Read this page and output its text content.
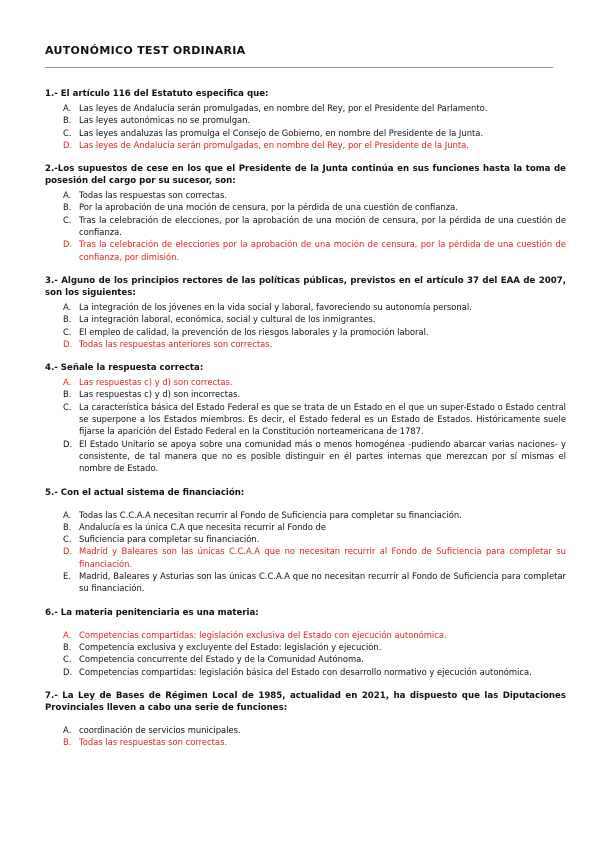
AUTONÓMICO TEST ORDINARIA
1.- El artículo 116 del Estatuto especifica que:
A. Las leyes de Andalucía serán promulgadas, en nombre del Rey, por el Presidente del Parlamento.
B. Las leyes autonómicas no se promulgan.
C. Las leyes andaluzas las promulga el Consejo de Gobierno, en nombre del Presidente de la Junta.
D. Las leyes de Andalucía serán promulgadas, en nombre del Rey, por el Presidente de la Junta.
2.-Los supuestos de cese en los que el Presidente de la Junta continúa en sus funciones hasta la toma de posesión del cargo por su sucesor, son:
A. Todas las respuestas son correctas.
B. Por la aprobación de una moción de censura, por la pérdida de una cuestión de confianza.
C. Tras la celebración de elecciones, por la aprobación de una moción de censura, por la pérdida de una cuestión de confianza.
D. Tras la celebración de elecciones por la aprobación de una moción de censura, por la pérdida de una cuestión de confianza, por dimisión.
3.- Alguno de los principios rectores de las políticas públicas, previstos en el artículo 37 del EAA de 2007, son los siguientes:
A. La integración de los jóvenes en la vida social y laboral, favoreciendo su autonomía personal.
B. La integración laboral, económica, social y cultural de los inmigrantes.
C. El empleo de calidad, la prevención de los riesgos laborales y la promoción laboral.
D. Todas las respuestas anteriores son correctas.
4.- Señale la respuesta correcta:
A. Las respuestas c) y d) son correctas.
B. Las respuestas c) y d) son incorrectas.
C. La característica básica del Estado Federal es que se trata de un Estado en el que un super-Estado o Estado central se superpone a los Estados miembros. Es decir, el Estado federal es un Estado de Estados. Históricamente suele fijarse la aparición del Estado Federal en la Constitución norteamericana de 1787.
D. El Estado Unitario se apoya sobre una comunidad más o menos homogénea -pudiendo abarcar varias naciones- y consistente, de tal manera que no es posible distinguir en él partes internas que merezcan por sí mismas el nombre de Estado.
5.- Con el actual sistema de financiación:
A. Todas las C.C.A.A necesitan recurrir al Fondo de Suficiencia para completar su financiación.
B. Andalucía es la única C.A que necesita recurrir al Fondo de
C. Suficiencia para completar su financiación.
D. Madrid y Baleares son las únicas C.C.A.A que no necesitan recurrir al Fondo de Suficiencia para completar su financiación.
E. Madrid, Baleares y Asturias son las únicas C.C.A.A que no necesitan recurrir al Fondo de Suficiencia para completar su financiación.
6.- La materia penitenciaria es una materia:
A. Competencias compartidas: legislación exclusiva del Estado con ejecución autonómica.
B. Competencia exclusiva y excluyente del Estado: legislación y ejecución.
C. Competencia concurrente del Estado y de la Comunidad Autónoma.
D. Competencias compartidas: legislación básica del Estado con desarrollo normativo y ejecución autonómica.
7.- La Ley de Bases de Régimen Local de 1985, actualidad en 2021, ha dispuesto que las Diputaciones Provinciales lleven a cabo una serie de funciones:
A. coordinación de servicios municipales.
B. Todas las respuestas son correctas.
